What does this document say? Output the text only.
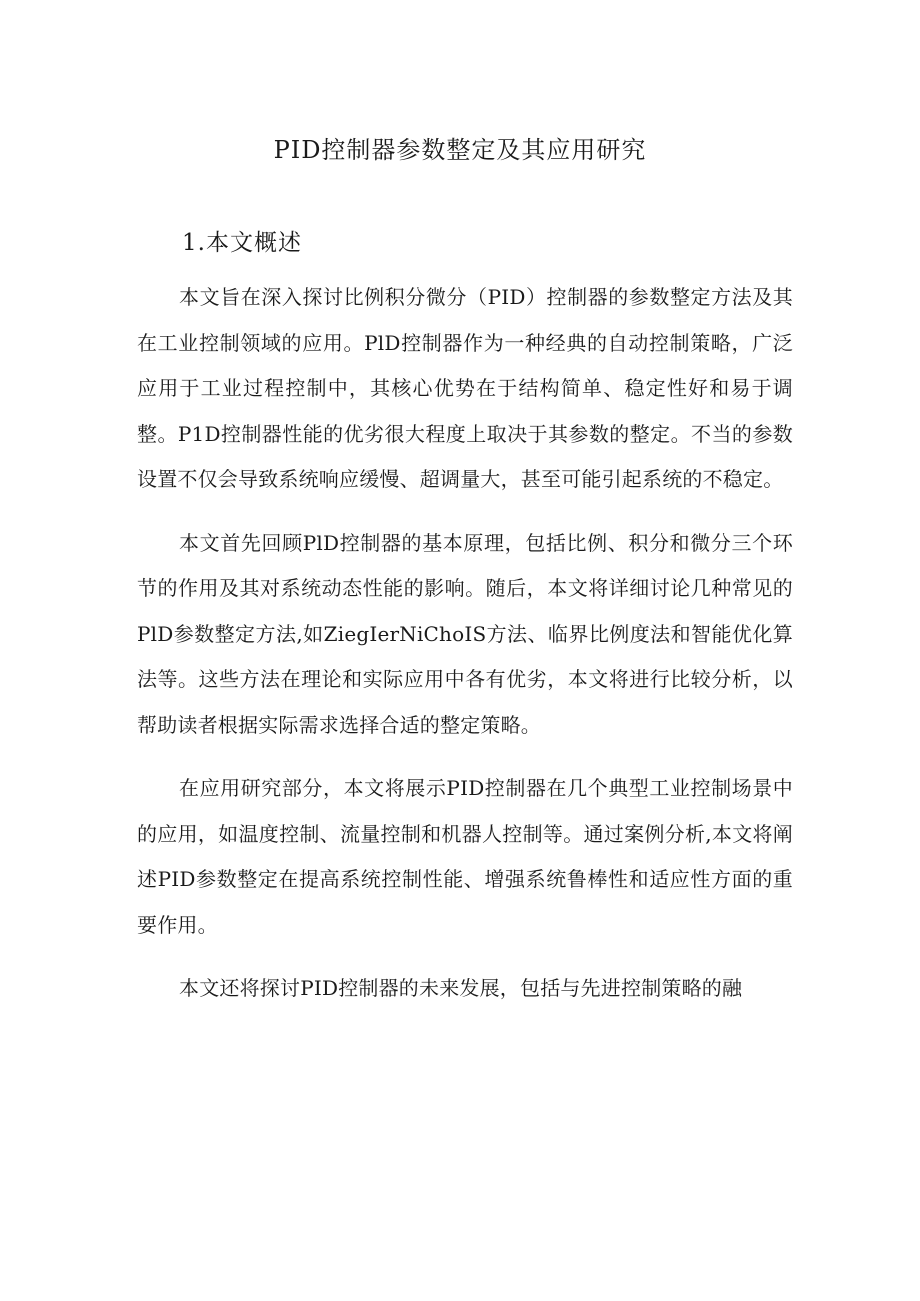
PID控制器参数整定及其应用研究
1.本文概述

本文旨在深入探讨比例积分微分（PID）控制器的参数整定方法及其在工业控制领域的应用。PlD控制器作为一种经典的自动控制策略，广泛应用于工业过程控制中，其核心优势在于结构简单、稳定性好和易于调整。P1D控制器性能的优劣很大程度上取决于其参数的整定。不当的参数设置不仅会导致系统响应缓慢、超调量大，甚至可能引起系统的不稳定。

本文首先回顾PlD控制器的基本原理，包括比例、积分和微分三个环节的作用及其对系统动态性能的影响。随后，本文将详细讨论几种常见的PlD参数整定方法,如ZiegIerNiChoIS方法、临界比例度法和智能优化算法等。这些方法在理论和实际应用中各有优劣，本文将进行比较分析，以帮助读者根据实际需求选择合适的整定策略。

在应用研究部分，本文将展示PID控制器在几个典型工业控制场景中的应用，如温度控制、流量控制和机器人控制等。通过案例分析,本文将阐述PID参数整定在提高系统控制性能、增强系统鲁棒性和适应性方面的重要作用。

本文还将探讨PID控制器的未来发展，包括与先进控制策略的融
